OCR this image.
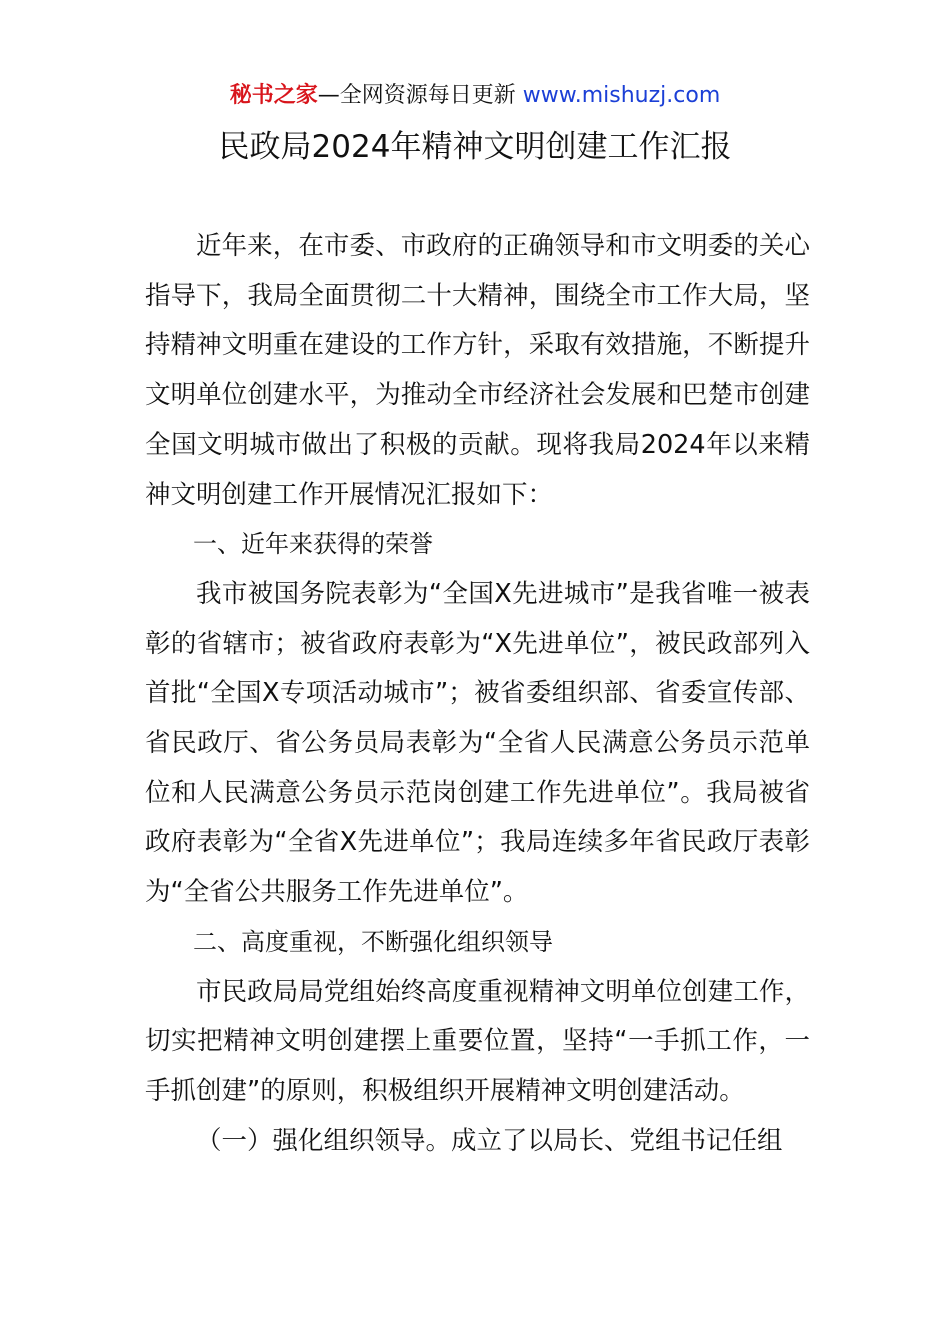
秘书之家—全网资源每日更新 www.mishuzj.com
民政局2024年精神文明创建工作汇报

近年来，在市委、市政府的正确领导和市文明委的关心指导下，我局全面贯彻二十大精神，围绕全市工作大局，坚持精神文明重在建设的工作方针，采取有效措施，不断提升文明单位创建水平，为推动全市经济社会发展和巴楚市创建全国文明城市做出了积极的贡献。现将我局2024年以来精神文明创建工作开展情况汇报如下：

一、近年来获得的荣誉

我市被国务院表彰为“全国X先进城市”是我省唯一被表彰的省辖市；被省政府表彰为“X先进单位”，被民政部列入首批“全国X专项活动城市”；被省委组织部、省委宣传部、省民政厅、省公务员局表彰为“全省人民满意公务员示范单位和人民满意公务员示范岗创建工作先进单位”。我局被省政府表彰为“全省X先进单位”；我局连续多年省民政厅表彰为“全省公共服务工作先进单位”。

二、高度重视，不断强化组织领导

市民政局局党组始终高度重视精神文明单位创建工作，切实把精神文明创建摆上重要位置，坚持“一手抓工作，一手抓创建”的原则，积极组织开展精神文明创建活动。

（一）强化组织领导。成立了以局长、党组书记任组
